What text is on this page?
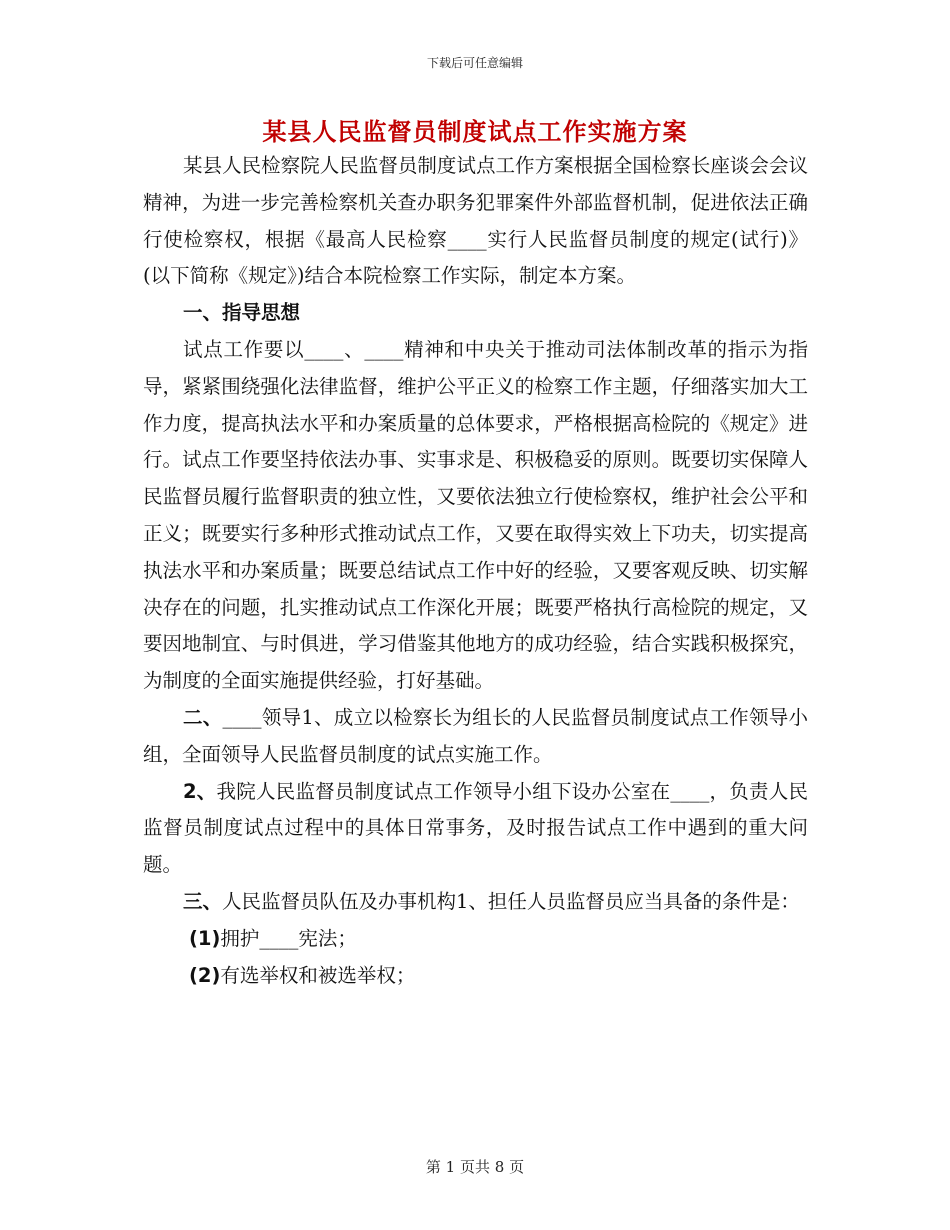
下载后可任意编辑
某县人民监督员制度试点工作实施方案

某县人民检察院人民监督员制度试点工作方案根据全国检察长座谈会会议精神，为进一步完善检察机关查办职务犯罪案件外部监督机制，促进依法正确行使检察权，根据《最高人民检察____实行人民监督员制度的规定(试行)》(以下简称《规定》)结合本院检察工作实际，制定本方案。

一、指导思想

试点工作要以____、____精神和中央关于推动司法体制改革的指示为指导，紧紧围绕强化法律监督，维护公平正义的检察工作主题，仔细落实加大工作力度，提高执法水平和办案质量的总体要求，严格根据高检院的《规定》进行。试点工作要坚持依法办事、实事求是、积极稳妥的原则。既要切实保障人民监督员履行监督职责的独立性，又要依法独立行使检察权，维护社会公平和正义；既要实行多种形式推动试点工作，又要在取得实效上下功夫，切实提高执法水平和办案质量；既要总结试点工作中好的经验，又要客观反映、切实解决存在的问题，扎实推动试点工作深化开展；既要严格执行高检院的规定，又要因地制宜、与时俱进，学习借鉴其他地方的成功经验，结合实践积极探究，为制度的全面实施提供经验，打好基础。

二、____领导1、成立以检察长为组长的人民监督员制度试点工作领导小组，全面领导人民监督员制度的试点实施工作。

2、我院人民监督员制度试点工作领导小组下设办公室在____，负责人民监督员制度试点过程中的具体日常事务，及时报告试点工作中遇到的重大问题。

三、人民监督员队伍及办事机构1、担任人员监督员应当具备的条件是：

(1)拥护____宪法；

(2)有选举权和被选举权；

第 1 页共 8 页
